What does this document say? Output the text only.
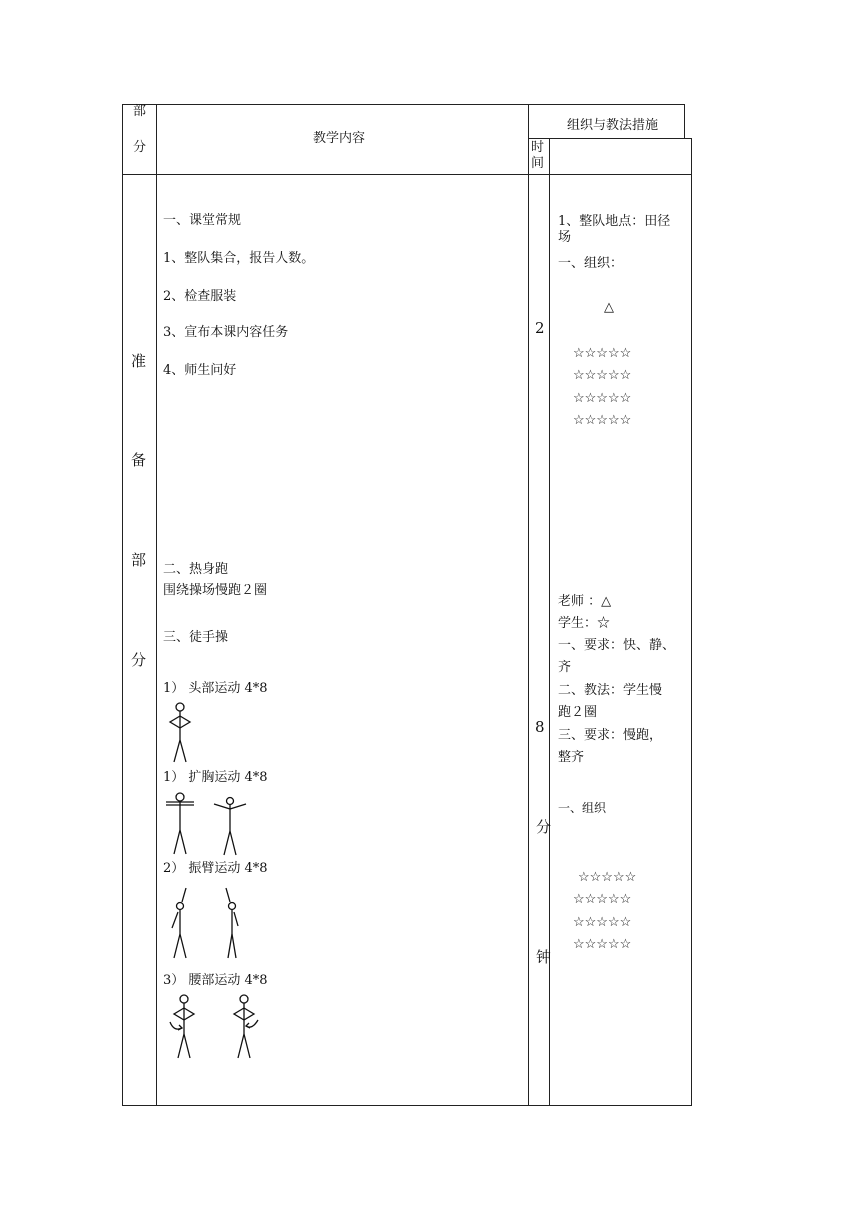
部
分
教学内容
组织与教法措施
时
间
准
备
部
分
一、课堂常规
1、整队集合，报告人数。
2、检查服装
3、宣布本课内容任务
4、师生问好
二、热身跑
围绕操场慢跑２圈
三、徒手操
1） 头部运动 4*8
1） 扩胸运动 4*8
2） 振臂运动 4*8
3） 腰部运动 4*8
2
8
分
钟
1、整队地点：田径
场
一、组织：
△
☆☆☆☆☆
☆☆☆☆☆
☆☆☆☆☆
☆☆☆☆☆
老师 ：△
学生：☆
一、要求：快、静、
齐
二、教法：学生慢
跑２圈
三、要求：慢跑，
整齐
一、组织
☆☆☆☆☆
☆☆☆☆☆
☆☆☆☆☆
☆☆☆☆☆
